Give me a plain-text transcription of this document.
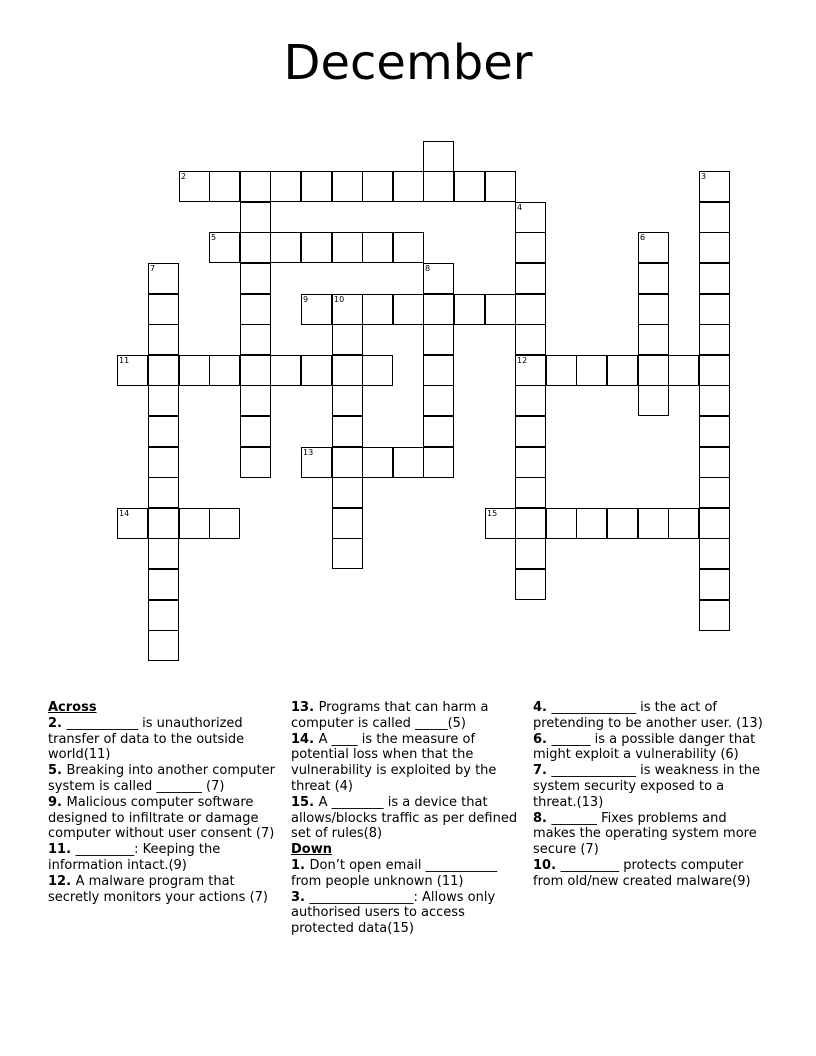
December
2	3
4
5	6
7	8
9	10
11	12
13
14	15
Across
2. ___________ is unauthorized transfer of data to the outside world(11)
5. Breaking into another computer system is called _______ (7)
9. Malicious computer software designed to infiltrate or damage computer without user consent (7)
11. _________: Keeping the information intact.(9)
12. A malware program that secretly monitors your actions (7)
13. Programs that can harm a computer is called _____(5)
14. A ____ is the measure of potential loss when that the vulnerability is exploited by the threat (4)
15. A ________ is a device that allows/blocks traffic as per defined set of rules(8)
Down
1. Don’t open email ___________ from people unknown (11)
3. ________________: Allows only authorised users to access protected data(15)
4. _____________ is the act of pretending to be another user. (13)
6. ______ is a possible danger that might exploit a vulnerability (6)
7. _____________ is weakness in the system security exposed to a threat.(13)
8. _______ Fixes problems and makes the operating system more secure (7)
10. _________ protects computer from old/new created malware(9)
